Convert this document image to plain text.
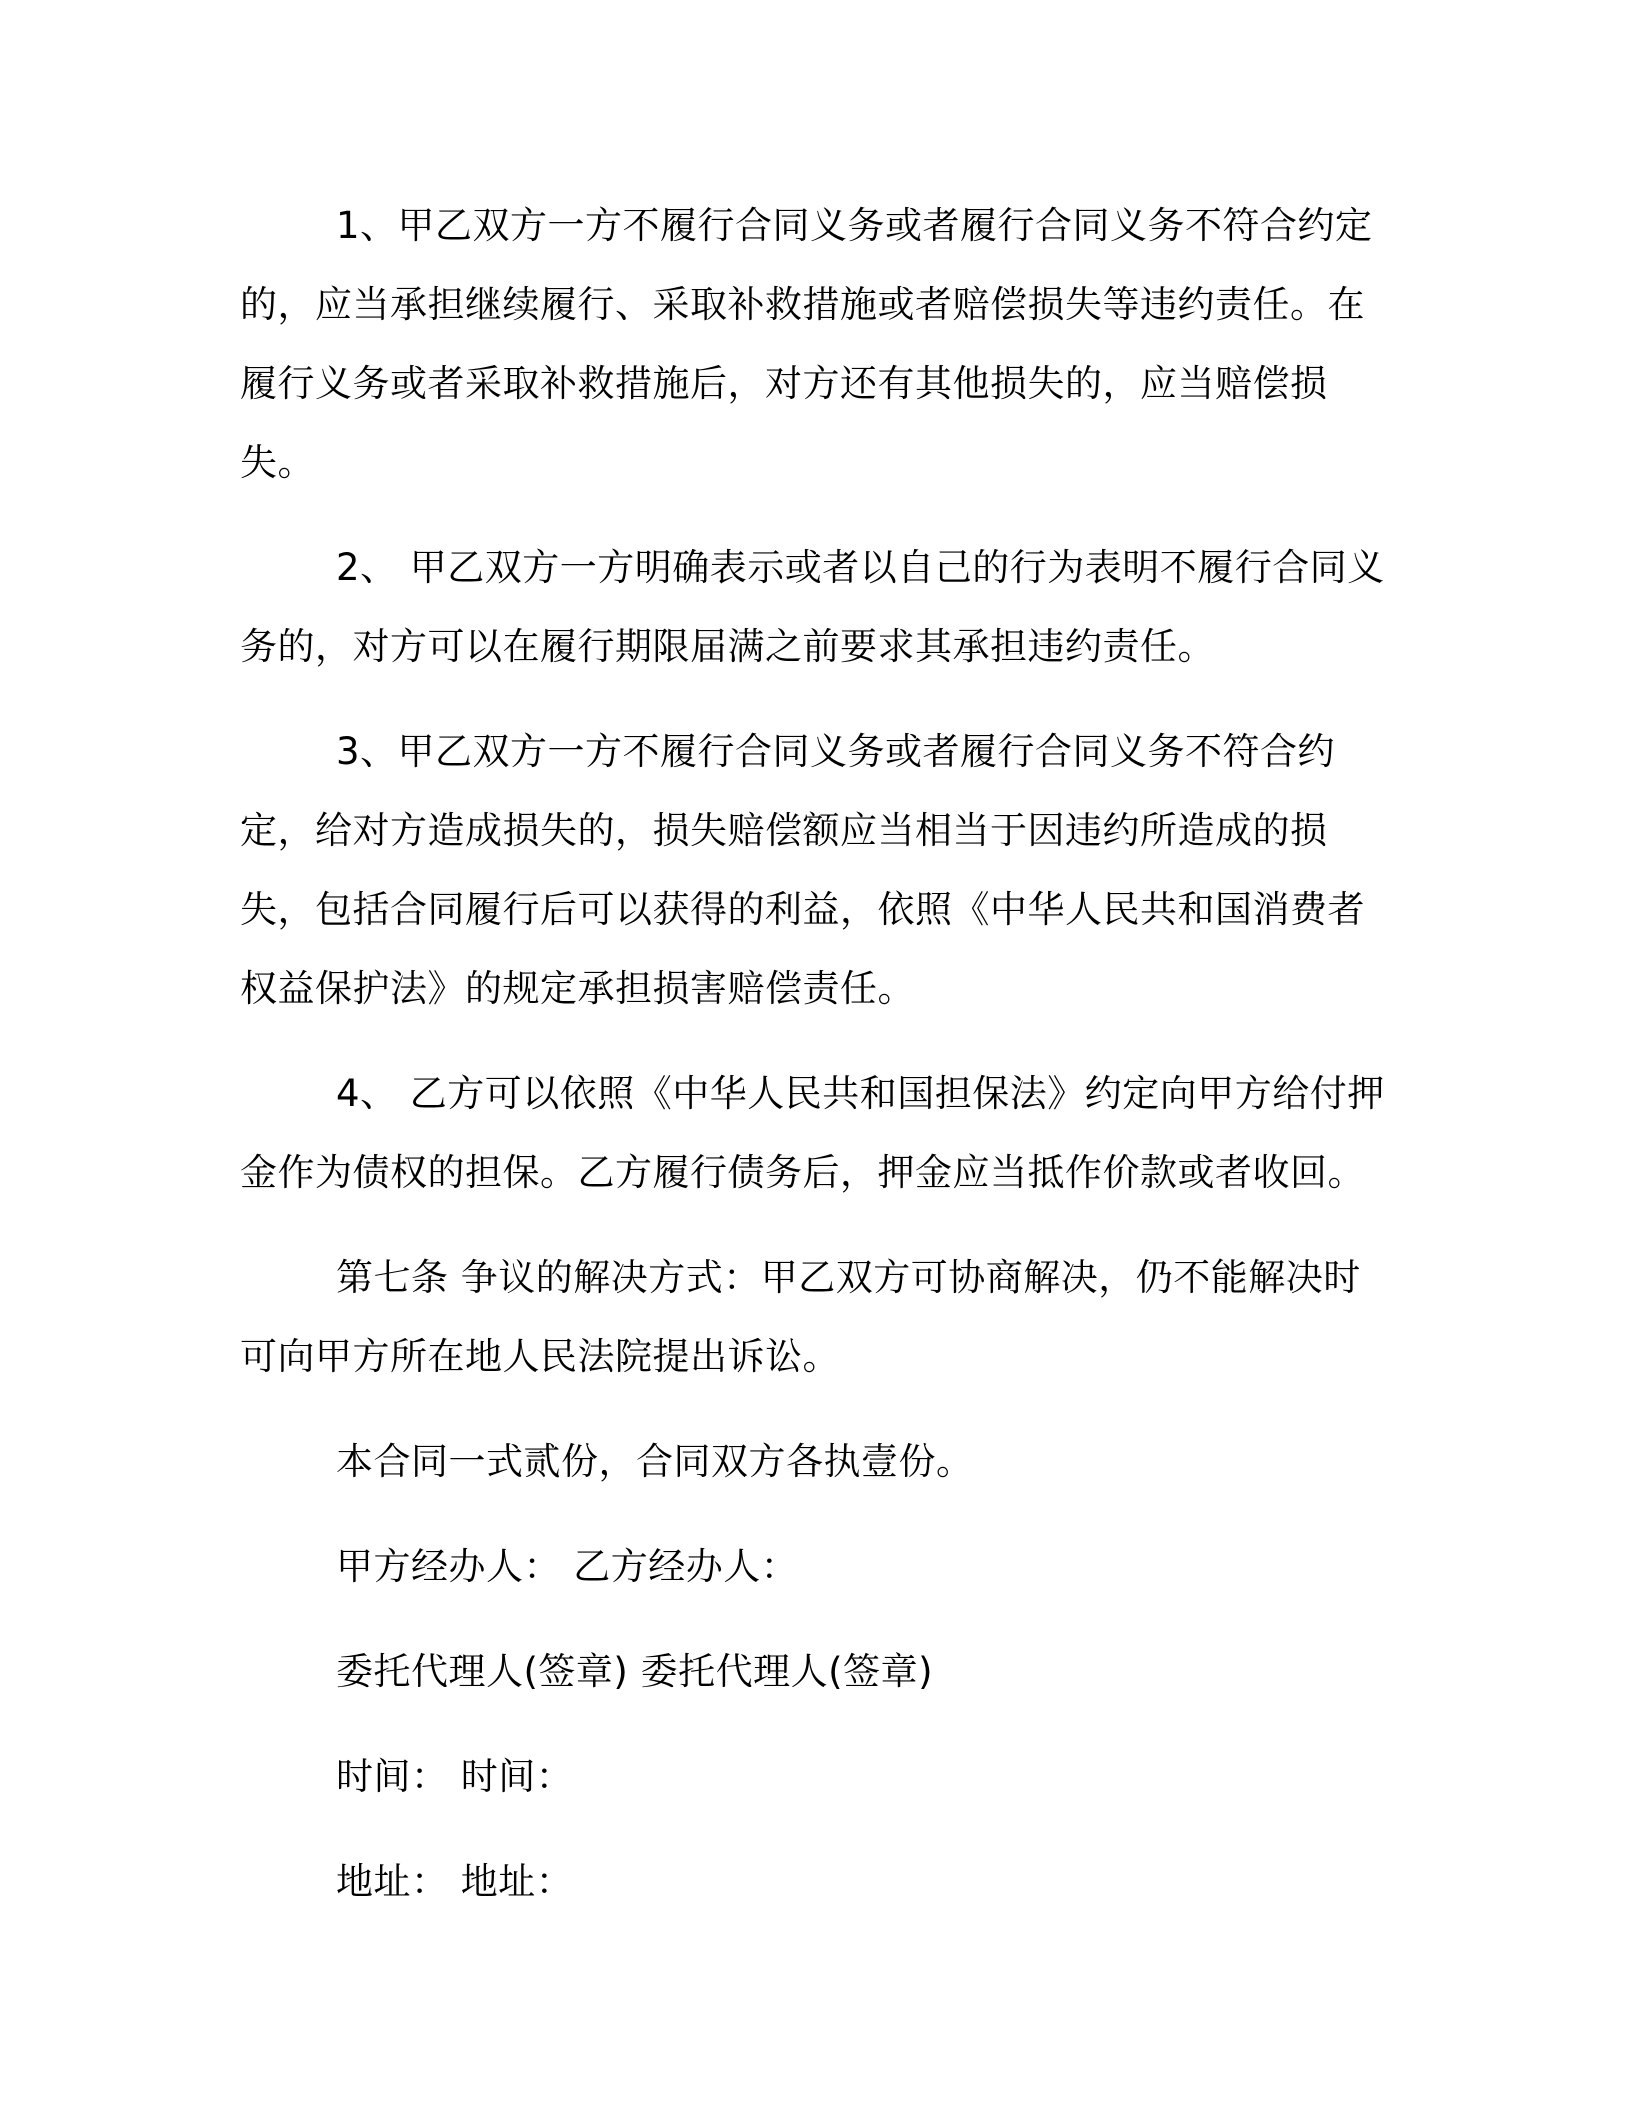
1、甲乙双方一方不履行合同义务或者履行合同义务不符合约定的，应当承担继续履行、采取补救措施或者赔偿损失等违约责任。在履行义务或者采取补救措施后，对方还有其他损失的，应当赔偿损失。

2、 甲乙双方一方明确表示或者以自己的行为表明不履行合同义务的，对方可以在履行期限届满之前要求其承担违约责任。

3、甲乙双方一方不履行合同义务或者履行合同义务不符合约定，给对方造成损失的，损失赔偿额应当相当于因违约所造成的损失，包括合同履行后可以获得的利益，依照《中华人民共和国消费者权益保护法》的规定承担损害赔偿责任。

4、 乙方可以依照《中华人民共和国担保法》约定向甲方给付押金作为债权的担保。乙方履行债务后，押金应当抵作价款或者收回。

第七条 争议的解决方式：甲乙双方可协商解决，仍不能解决时可向甲方所在地人民法院提出诉讼。

本合同一式贰份，合同双方各执壹份。

甲方经办人： 乙方经办人：

委托代理人(签章) 委托代理人(签章)

时间： 时间：

地址： 地址：
